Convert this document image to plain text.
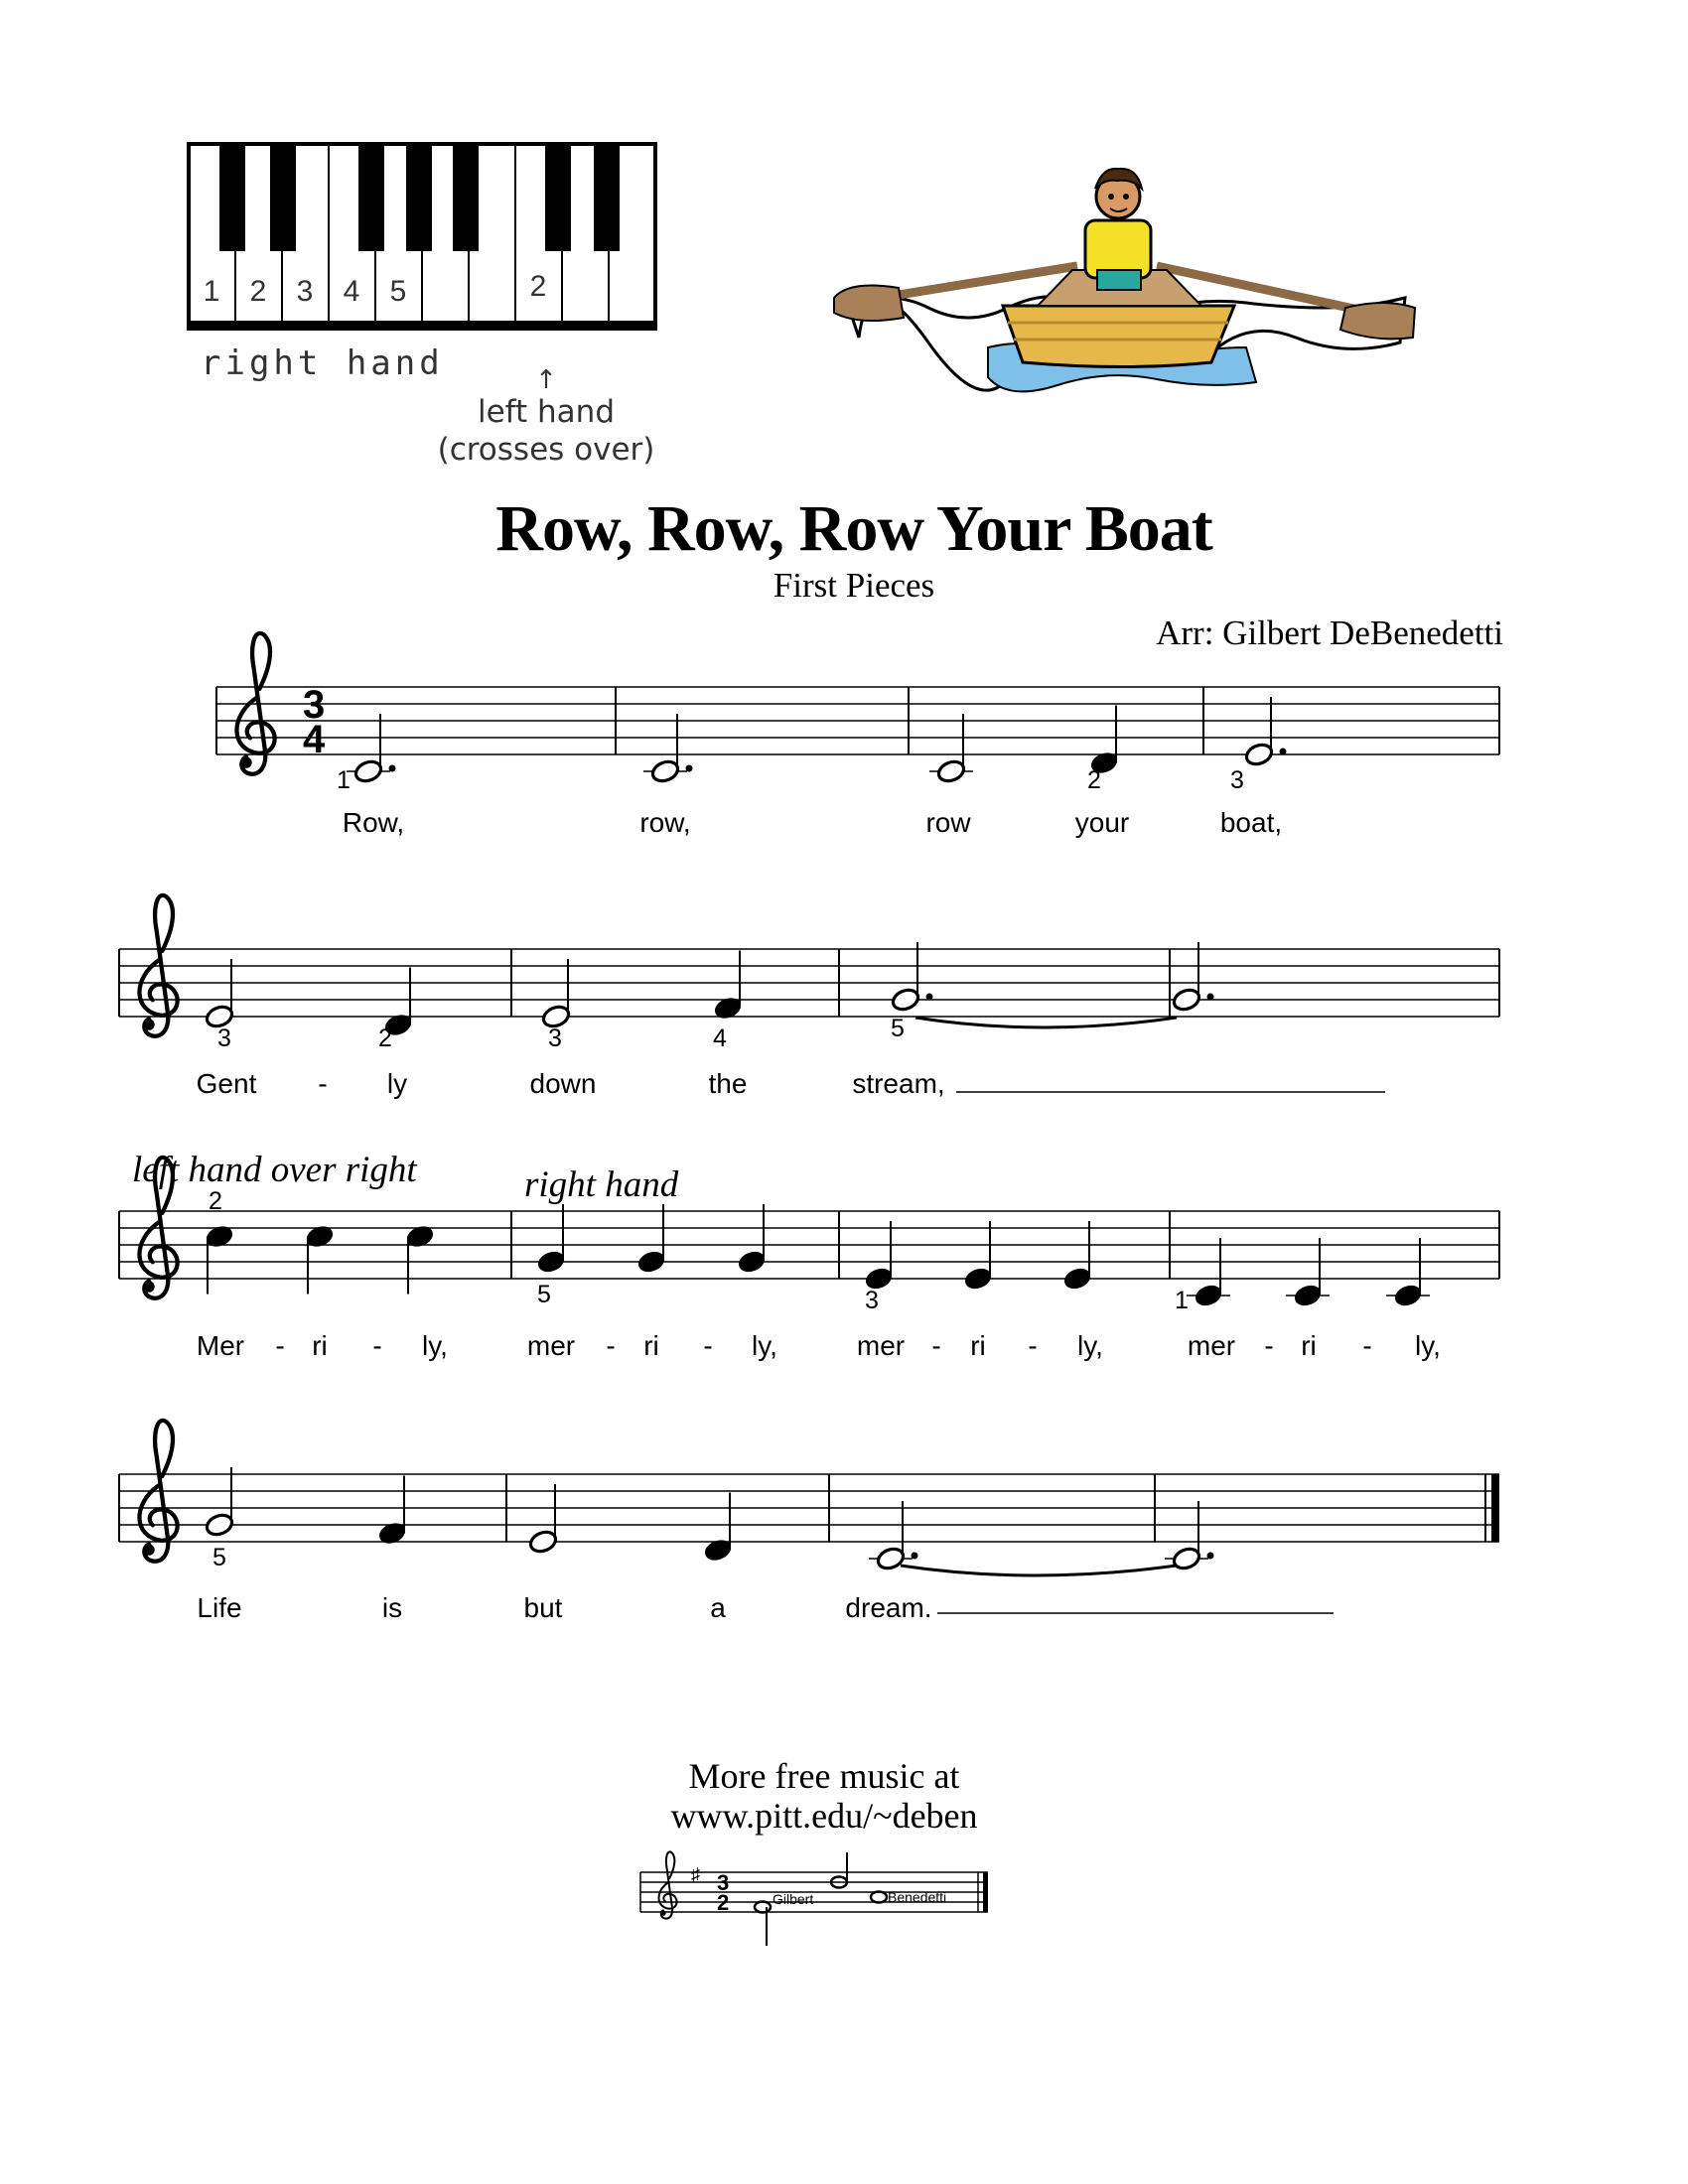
1 2 3 4 5	2
right hand	↑
left hand
(crosses over)
Row, Row, Row Your Boat
First Pieces
Arr: Gilbert DeBenedetti
3
4
left hand over right	right hand
Row,	row,	row	your	boat,
Gent - ly	down	the	stream,
Mer - ri - ly,	mer - ri - ly,	mer - ri - ly,	mer - ri - ly,
Life	is	but	a	dream.
1	2	3
3	2	3	4	5
2
5	3	1
5
More free music at
www.pitt.edu/~deben
♯ 3
2	Gilbert	Benedetti
